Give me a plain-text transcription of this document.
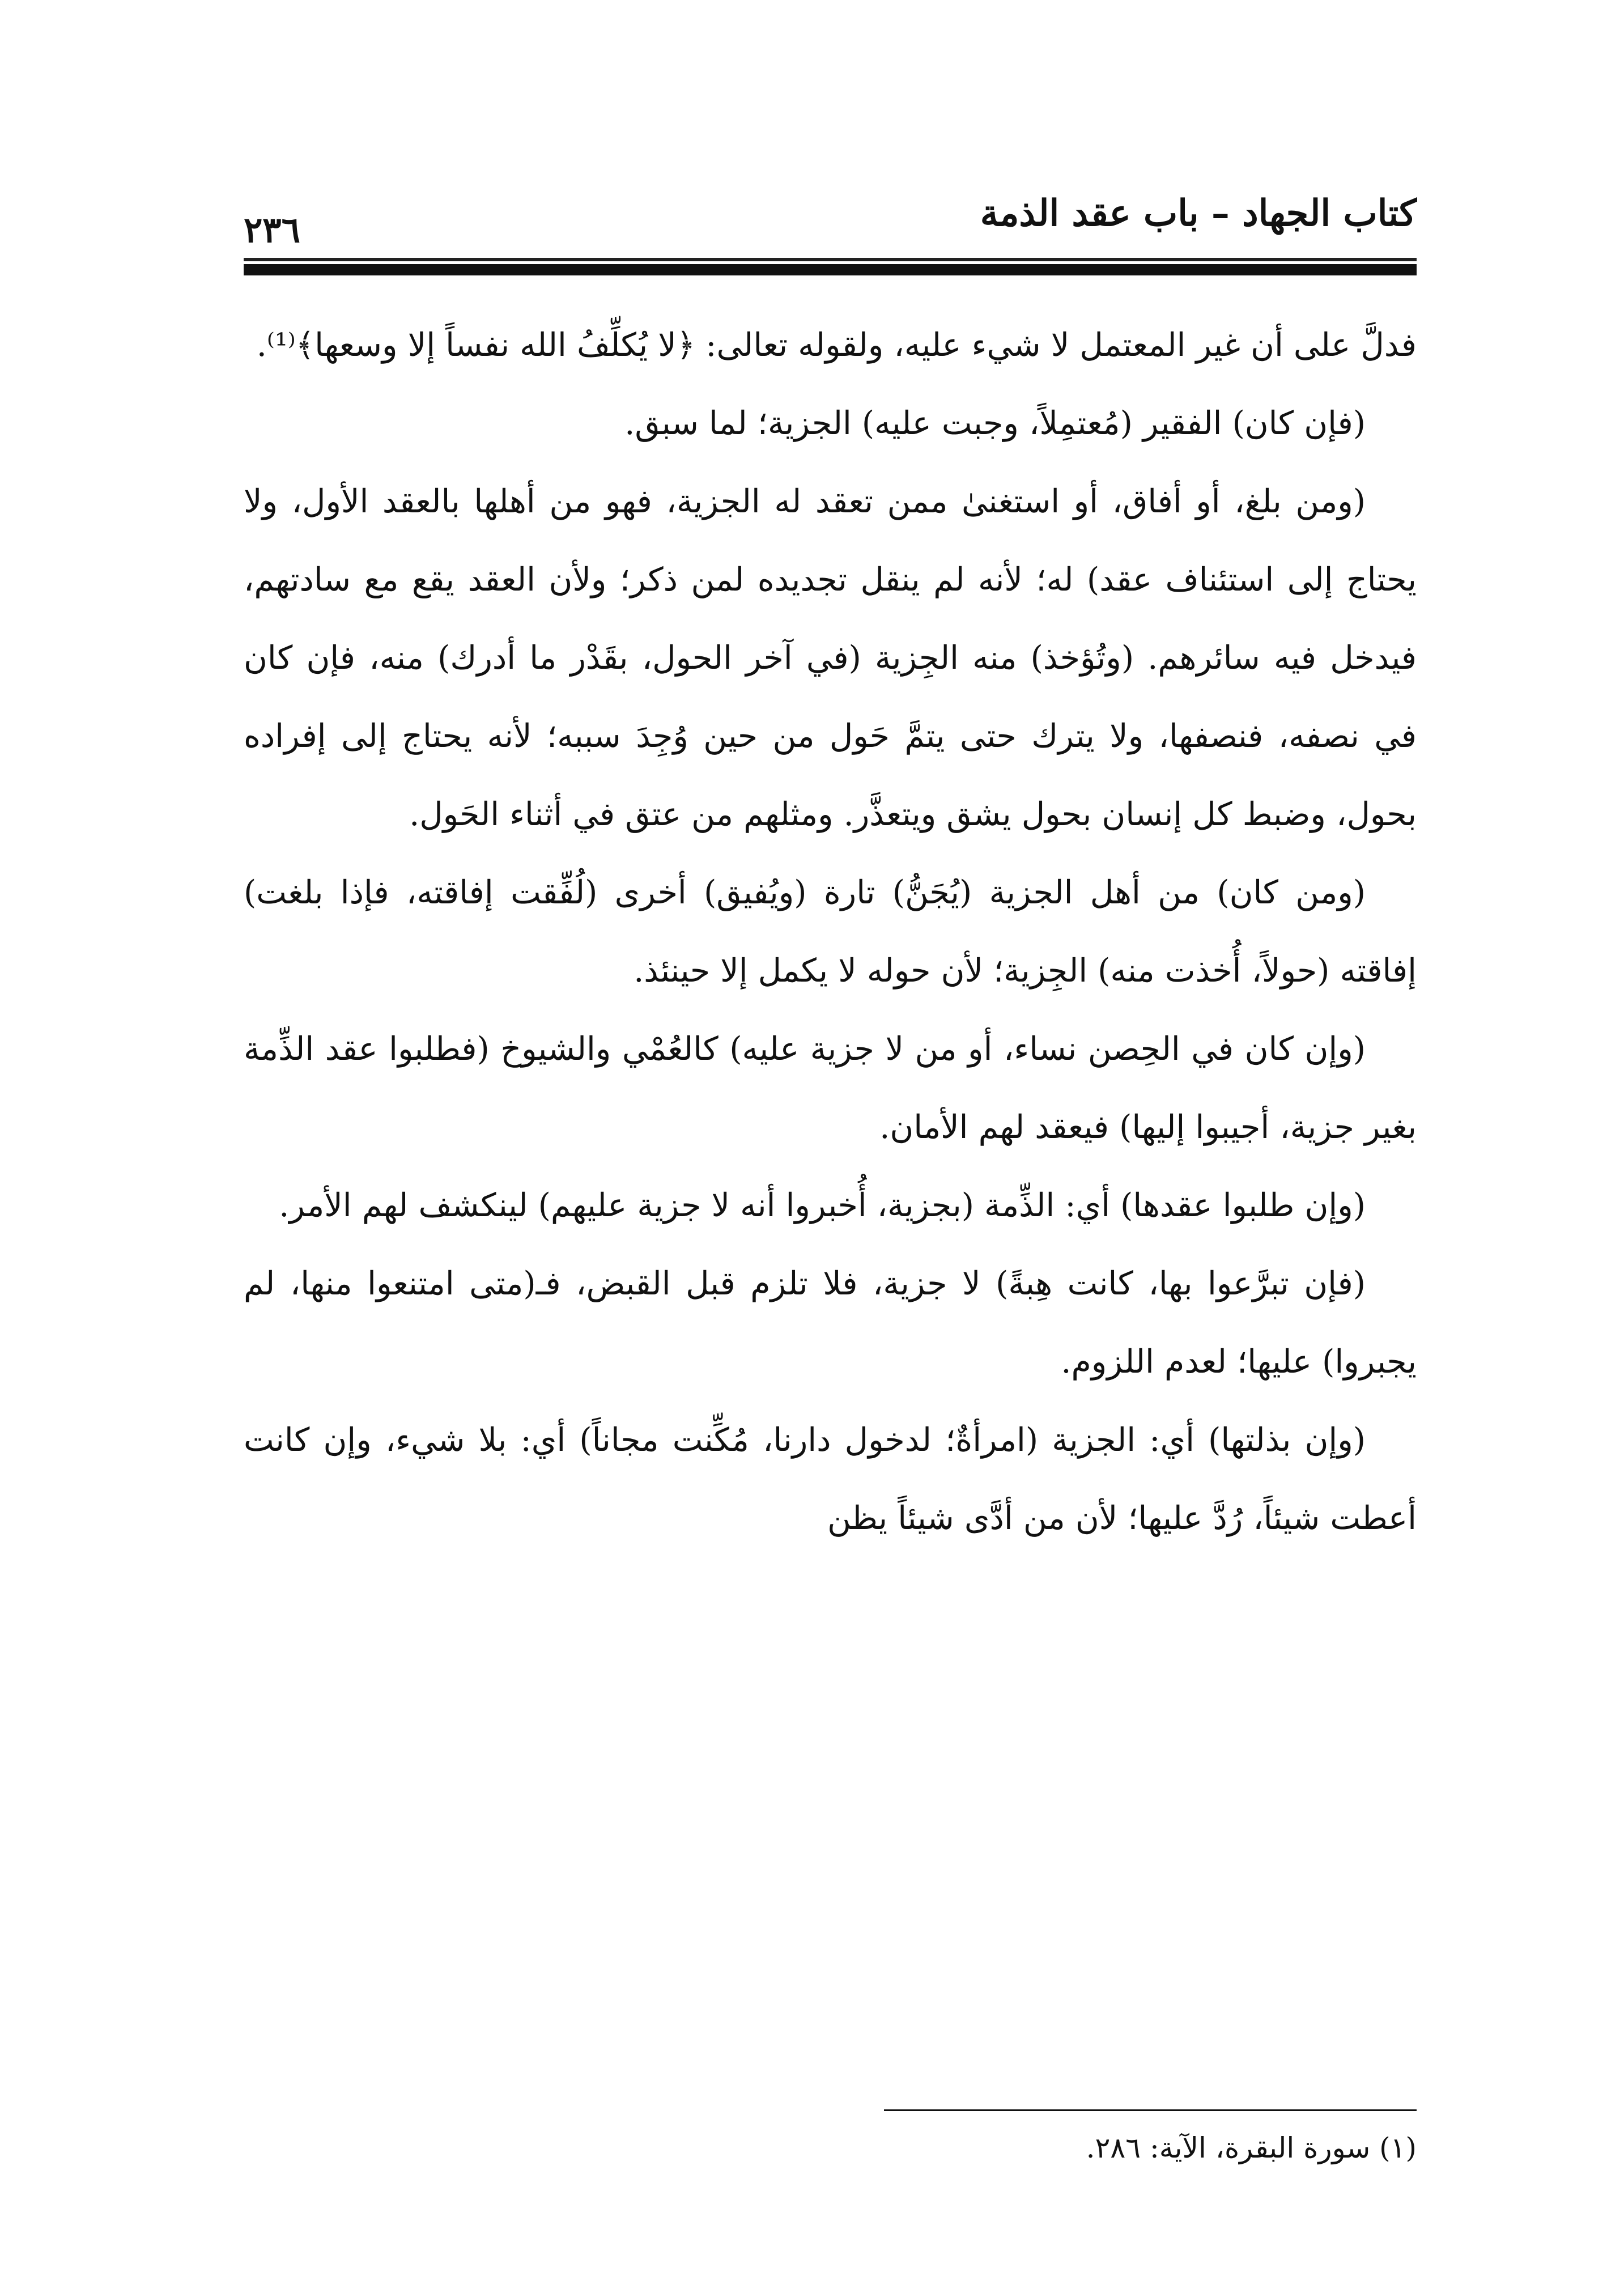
كتاب الجهاد – باب عقد الذمة
٢٣٦

فدلَّ على أن غير المعتمل لا شيء عليه، ولقوله تعالى: ﴿لا يُكلِّفُ الله نفساً إلا وسعها﴾⁽¹⁾.

(فإن كان) الفقير (مُعتمِلاً، وجبت عليه) الجزية؛ لما سبق.

(ومن بلغ، أو أفاق، أو استغنىٰ ممن تعقد له الجزية، فهو من أهلها بالعقد الأول، ولا يحتاج إلى استئناف عقد) له؛ لأنه لم ينقل تجديده لمن ذكر؛ ولأن العقد يقع مع سادتهم، فيدخل فيه سائرهم. (وتُؤخذ) منه الجِزية (في آخر الحول، بقَدْر ما أدرك) منه، فإن كان في نصفه، فنصفها، ولا يترك حتى يتمَّ حَول من حين وُجِدَ سببه؛ لأنه يحتاج إلى إفراده بحول، وضبط كل إنسان بحول يشق ويتعذَّر. ومثلهم من عتق في أثناء الحَول.

(ومن كان) من أهل الجزية (يُجَنُّ) تارة (ويُفيق) أخرى (لُفِّقت إفاقته، فإذا بلغت) إفاقته (حولاً، أُخذت منه) الجِزية؛ لأن حوله لا يكمل إلا حينئذ.

(وإن كان في الحِصن نساء، أو من لا جزية عليه) كالعُمْي والشيوخ (فطلبوا عقد الذِّمة بغير جزية، أجيبوا إليها) فيعقد لهم الأمان.

(وإن طلبوا عقدها) أي: الذِّمة (بجزية، أُخبروا أنه لا جزية عليهم) لينكشف لهم الأمر.

(فإن تبرَّعوا بها، كانت هِبةً) لا جزية، فلا تلزم قبل القبض، فـ(متى امتنعوا منها، لم يجبروا) عليها؛ لعدم اللزوم.

(وإن بذلتها) أي: الجزية (امرأةٌ؛ لدخول دارنا، مُكِّنت مجاناً) أي: بلا شيء، وإن كانت أعطت شيئاً، رُدَّ عليها؛ لأن من أدَّى شيئاً يظن

(١) سورة البقرة، الآية: ٢٨٦.
